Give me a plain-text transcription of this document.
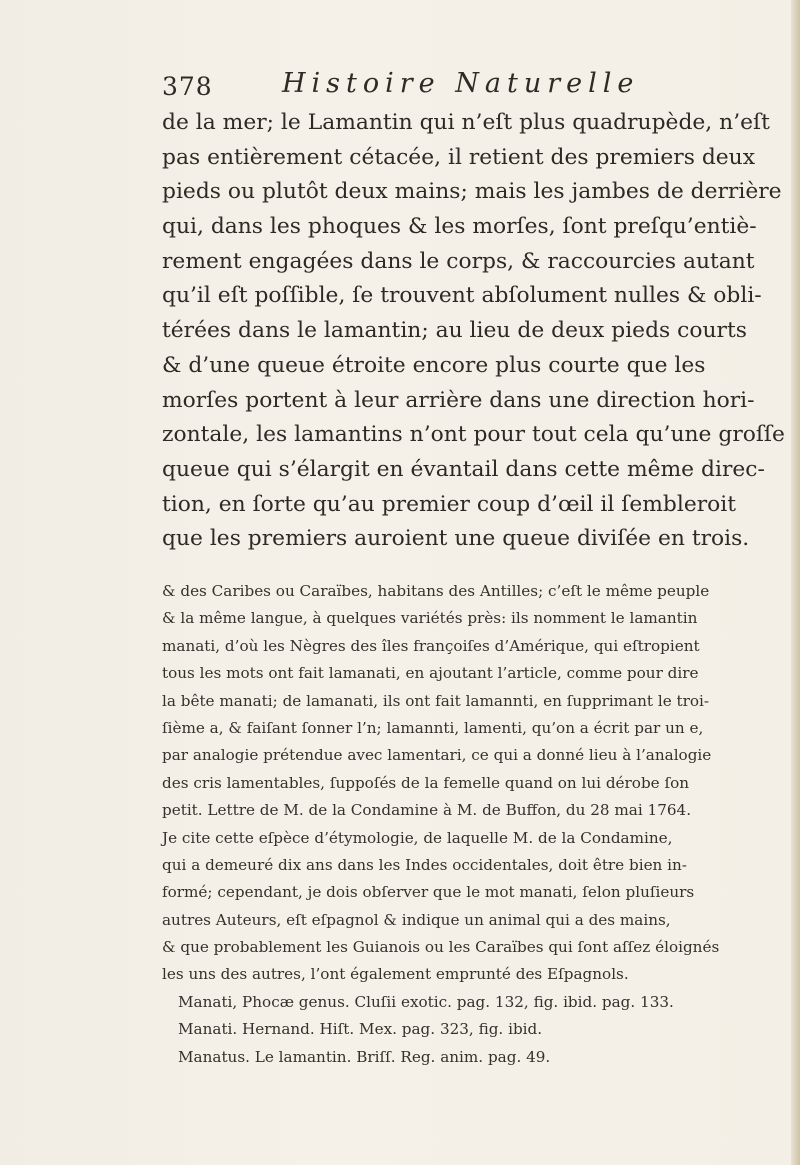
378	Histoire Naturelle
de la mer; le Lamantin qui n’eſt plus quadrupède, n’eſt
pas entièrement cétacée, il retient des premiers deux
pieds ou plutôt deux mains; mais les jambes de derrière
qui, dans les phoques & les morſes, ſont preſqu’entiè-
rement engagées dans le corps, & raccourcies autant
qu’il eſt poſſible, ſe trouvent abſolument nulles & obli-
térées dans le lamantin; au lieu de deux pieds courts
& d’une queue étroite encore plus courte que les
morſes portent à leur arrière dans une direction hori-
zontale, les lamantins n’ont pour tout cela qu’une groſſe
queue qui s’élargit en évantail dans cette même direc-
tion, en ſorte qu’au premier coup d’œil il ſembleroit
que les premiers auroient une queue diviſée en trois.
& des Caribes ou Caraïbes, habitans des Antilles; c’eſt le même peuple
& la même langue, à quelques variétés près: ils nomment le lamantin
manati, d’où les Nègres des îles françoiſes d’Amérique, qui eſtropient
tous les mots ont fait lamanati, en ajoutant l’article, comme pour dire
la bête manati; de lamanati, ils ont fait lamannti, en ſupprimant le troi-
ſième a, & faiſant ſonner l’n; lamannti, lamenti, qu’on a écrit par un e,
par analogie prétendue avec lamentari, ce qui a donné lieu à l’analogie
des cris lamentables, ſuppoſés de la femelle quand on lui dérobe ſon
petit. Lettre de M. de la Condamine à M. de Buffon, du 28 mai 1764.
Je cite cette eſpèce d’étymologie, de laquelle M. de la Condamine,
qui a demeuré dix ans dans les Indes occidentales, doit être bien in-
formé; cependant, je dois obſerver que le mot manati, ſelon pluſieurs
autres Auteurs, eſt eſpagnol & indique un animal qui a des mains,
& que probablement les Guianois ou les Caraïbes qui ſont aſſez éloignés
les uns des autres, l’ont également emprunté des Eſpagnols.
Manati, Phocæ genus. Cluſii exotic. pag. 132, fig. ibid. pag. 133.
Manati. Hernand. Hiſt. Mex. pag. 323, fig. ibid.
Manatus. Le lamantin. Briſſ. Reg. anim. pag. 49.
